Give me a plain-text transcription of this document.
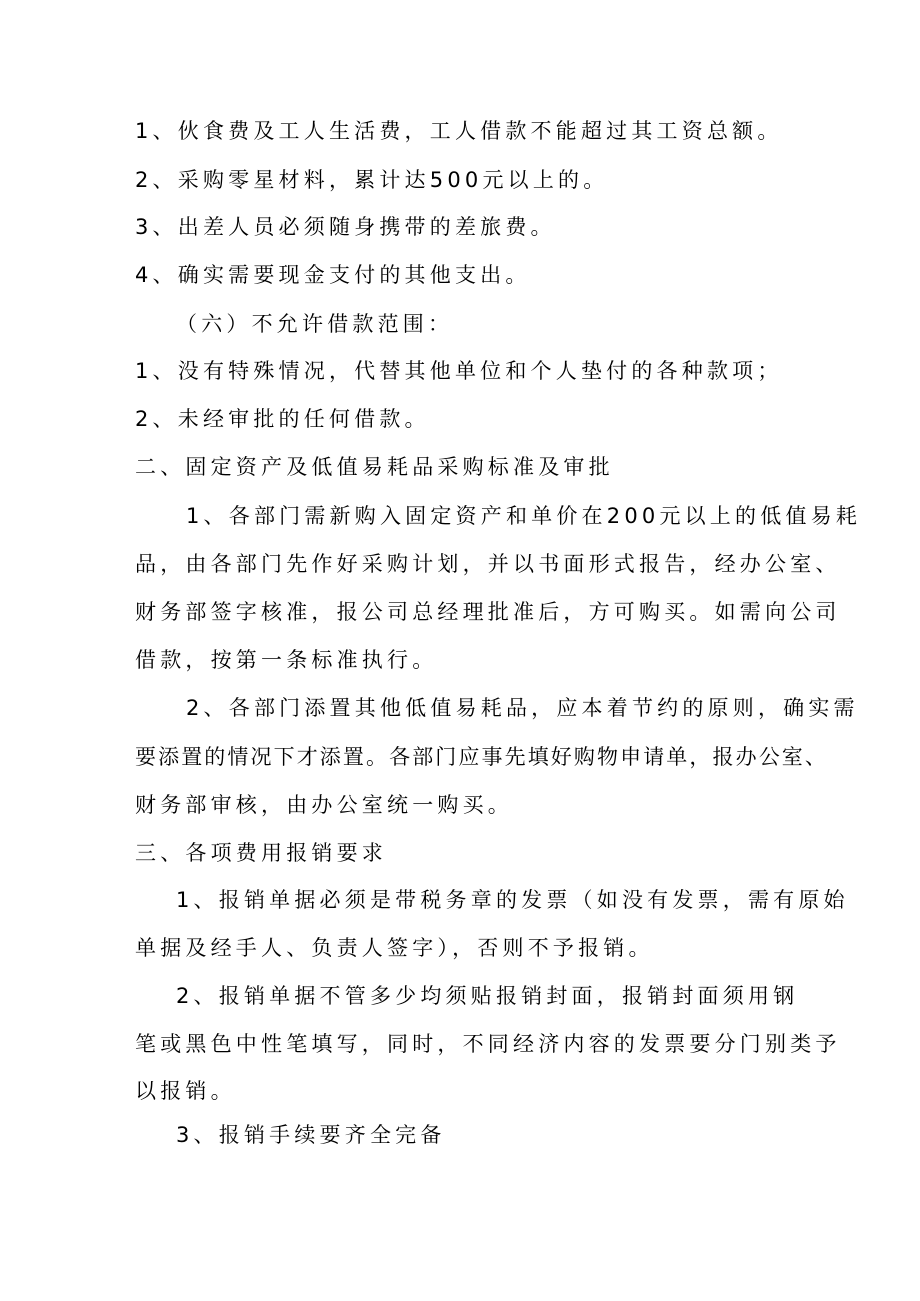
1、伙食费及工人生活费，工人借款不能超过其工资总额。
2、采购零星材料，累计达500元以上的。
3、出差人员必须随身携带的差旅费。
4、确实需要现金支付的其他支出。
（六）不允许借款范围：
1、没有特殊情况，代替其他单位和个人垫付的各种款项；
2、未经审批的任何借款。
二、固定资产及低值易耗品采购标准及审批
1、各部门需新购入固定资产和单价在200元以上的低值易耗
品，由各部门先作好采购计划，并以书面形式报告，经办公室、
财务部签字核准，报公司总经理批准后，方可购买。如需向公司
借款，按第一条标准执行。
2、各部门添置其他低值易耗品，应本着节约的原则，确实需
要添置的情况下才添置。各部门应事先填好购物申请单，报办公室、
财务部审核，由办公室统一购买。
三、各项费用报销要求
1、报销单据必须是带税务章的发票（如没有发票，需有原始
单据及经手人、负责人签字），否则不予报销。
2、报销单据不管多少均须贴报销封面，报销封面须用钢
笔或黑色中性笔填写，同时，不同经济内容的发票要分门别类予
以报销。
3、报销手续要齐全完备
